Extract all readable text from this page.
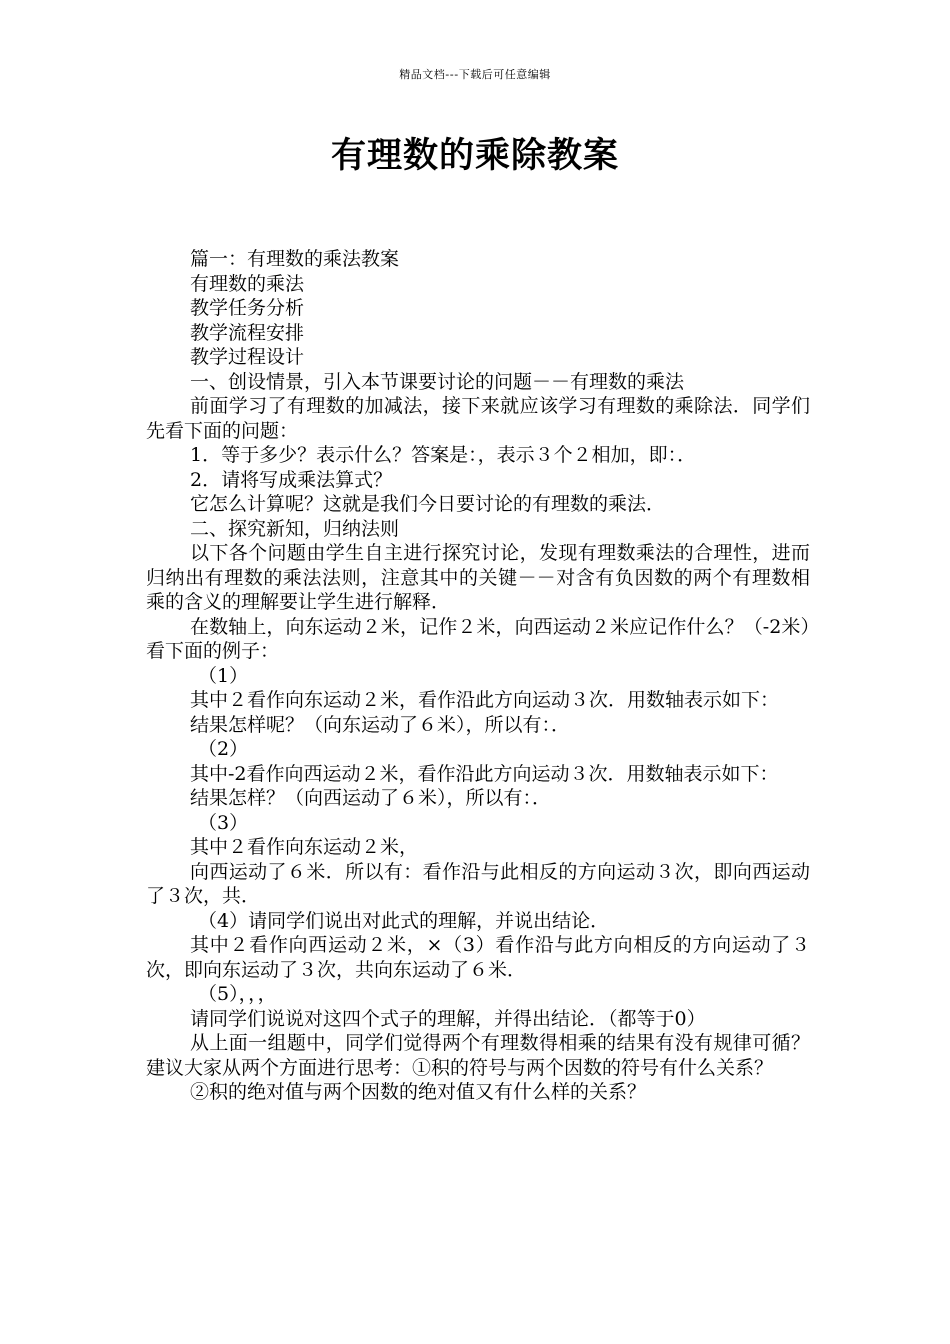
精品文档---下载后可任意编辑
有理数的乘除教案

篇一：有理数的乘法教案

有理数的乘法

教学任务分析

教学流程安排

教学过程设计

一、创设情景，引入本节课要讨论的问题－－有理数的乘法

前面学习了有理数的加减法，接下来就应该学习有理数的乘除法．同学们先看下面的问题：

1．等于多少？表示什么？答案是：，表示３个２相加，即：．

2．请将写成乘法算式？

它怎么计算呢？这就是我们今日要讨论的有理数的乘法．

二、探究新知，归纳法则

以下各个问题由学生自主进行探究讨论，发现有理数乘法的合理性，进而归纳出有理数的乘法法则，注意其中的关键－－对含有负因数的两个有理数相乘的含义的理解要让学生进行解释．

在数轴上，向东运动２米，记作２米，向西运动２米应记作什么？（-2米）看下面的例子：

（1）

其中２看作向东运动２米，看作沿此方向运动３次．用数轴表示如下：

结果怎样呢？（向东运动了６米），所以有：．

（2）

其中-2看作向西运动２米，看作沿此方向运动３次．用数轴表示如下：

结果怎样？（向西运动了６米），所以有：．

（3）

其中２看作向东运动２米，

向西运动了６米．所以有：看作沿与此相反的方向运动３次，即向西运动了３次，共．

（4）请同学们说出对此式的理解，并说出结论．

其中２看作向西运动２米，×（3）看作沿与此方向相反的方向运动了３次，即向东运动了３次，共向东运动了６米．

（5），，，

请同学们说说对这四个式子的理解，并得出结论．（都等于0）

从上面一组题中，同学们觉得两个有理数得相乘的结果有没有规律可循？建议大家从两个方面进行思考：①积的符号与两个因数的符号有什么关系？

②积的绝对值与两个因数的绝对值又有什么样的关系？
